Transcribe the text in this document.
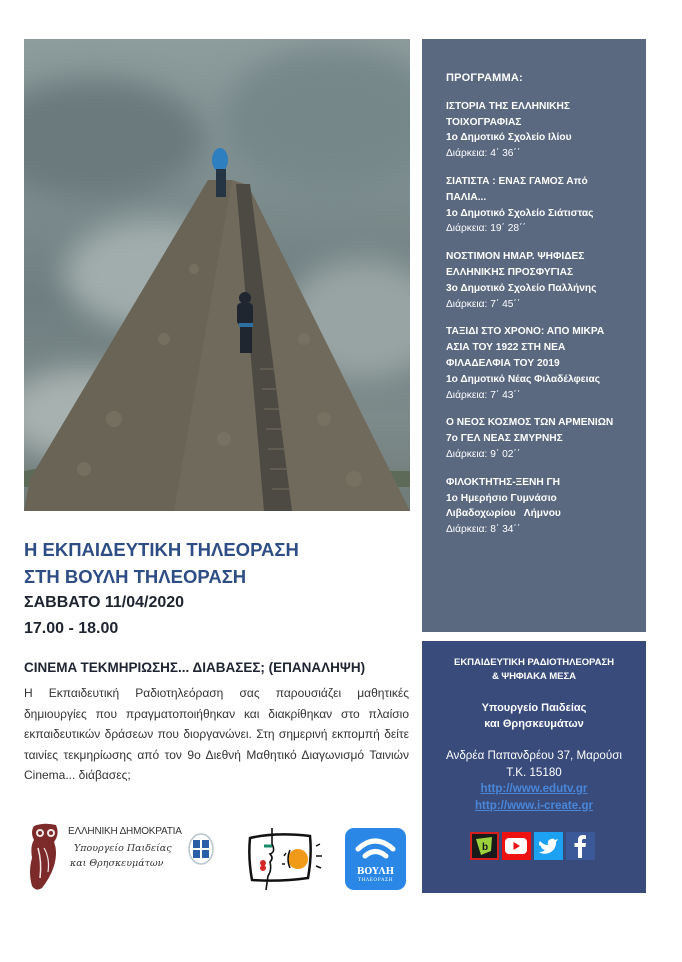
ΠΡΟΓΡΑΜΜΑ:
ΙΣΤΟΡΙΑ ΤΗΣ ΕΛΛΗΝΙΚΗΣ
ΤΟΙΧΟΓΡΑΦΙΑΣ
1ο Δημοτικό Σχολείο Ιλίου
Διάρκεια: 4΄ 36΄΄
ΣΙΑΤΙΣΤΑ : ΕΝΑΣ ΓΑΜΟΣ Από
ΠΑΛΙΑ...
1ο Δημοτικό Σχολείο Σιάτιστας
Διάρκεια: 19΄ 28΄΄
ΝΟΣΤΙΜΟΝ ΗΜΑΡ. ΨΗΦΙΔΕΣ
ΕΛΛΗΝΙΚΗΣ ΠΡΟΣΦΥΓΙΑΣ
3ο Δημοτικό Σχολείο Παλλήνης
Διάρκεια: 7΄ 45΄΄
ΤΑΞΙΔΙ ΣΤΟ ΧΡΟΝΟ: ΑΠΟ ΜΙΚΡΑ
ΑΣΙΑ ΤΟΥ 1922 ΣΤΗ ΝΕΑ
ΦΙΛΑΔΕΛΦΙΑ ΤΟΥ 2019
1ο Δημοτικό Νέας Φιλαδέλφειας
Διάρκεια: 7΄ 43΄΄
Ο ΝΕΟΣ ΚΟΣΜΟΣ ΤΩΝ ΑΡΜΕΝΙΩΝ
7ο ΓΕΛ ΝΕΑΣ ΣΜΥΡΝΗΣ
Διάρκεια: 9΄ 02΄΄
ΦΙΛΟΚΤΗΤΗΣ-ΞΕΝΗ ΓΗ
1ο Ημερήσιο Γυμνάσιο
Λιβαδοχωρίου   Λήμνου
Διάρκεια: 8΄ 34΄΄
ΕΚΠΑΙΔΕΥΤΙΚΗ ΡΑΔΙΟΤΗΛΕΟΡΑΣΗ
& ΨΗΦΙΑΚΑ ΜΕΣΑ
Υπουργείο Παιδείας
και Θρησκευμάτων
Ανδρέα Παπανδρέου 37, Μαρούσι
Τ.Κ. 15180
http://www.edutv.gr
http://www.i-create.gr
b
Η ΕΚΠΑΙΔΕΥΤΙΚΗ ΤΗΛΕΟΡΑΣΗ
ΣΤΗ ΒΟΥΛΗ ΤΗΛΕΟΡΑΣΗ
ΣΑΒΒΑΤΟ 11/04/2020
17.00 - 18.00
CINEMA ΤΕΚΜΗΡΙΩΣΗΣ... ΔΙΑΒΑΣΕΣ; (ΕΠΑΝΑΛΗΨΗ)
Η Εκπαιδευτική Ραδιοτηλεόραση σας παρουσιάζει μαθητικές δημιουργίες που πραγματοποιήθηκαν και διακρίθηκαν στο πλαίσιο εκπαιδευτικών δράσεων που διοργανώνει. Στη σημερινή εκπομπή δείτε ταινίες τεκμηρίωσης από τον 9ο Διεθνή Μαθητικό Διαγωνισμό Ταινιών Cinema... διάβασες;
ΕΛΛΗΝΙΚΗ ΔΗΜΟΚΡΑΤΙΑ
Υπουργείο Παιδείας
και Θρησκευμάτων
ΒΟΥΛΗ
ΤΗΛΕΟΡΑΣΗ
